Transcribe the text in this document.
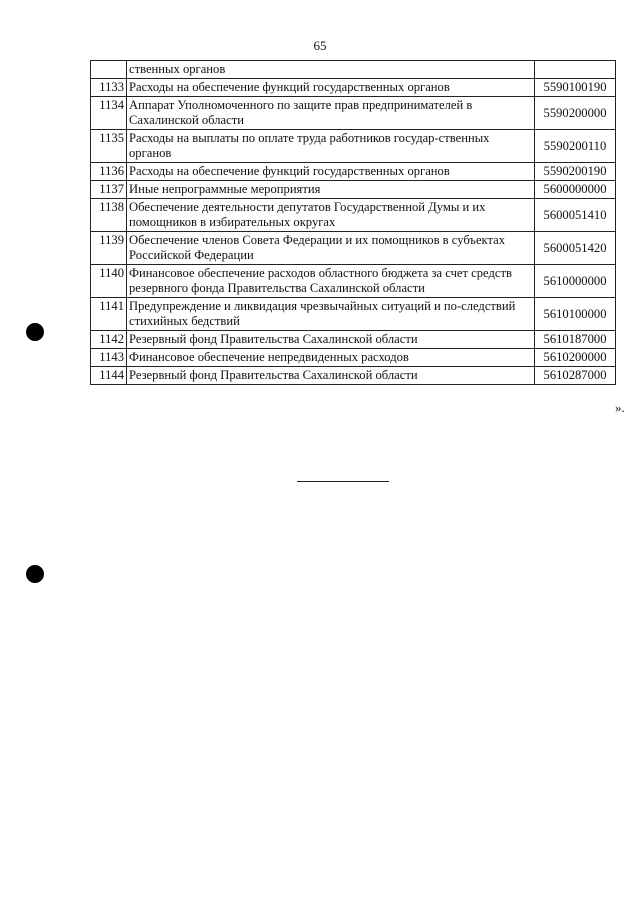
65
	ственных органов	
1133	Расходы на обеспечение функций государственных органов	5590100190
1134	Аппарат Уполномоченного по защите прав предпринимателей в Сахалинской области	5590200000
1135	Расходы на выплаты по оплате труда работников государ-ственных органов	5590200110
1136	Расходы на обеспечение функций государственных органов	5590200190
1137	Иные непрограммные мероприятия	5600000000
1138	Обеспечение деятельности депутатов Государственной Думы и их помощников в избирательных округах	5600051410
1139	Обеспечение членов Совета Федерации и их помощников в субъектах Российской Федерации	5600051420
1140	Финансовое обеспечение расходов областного бюджета за счет средств резервного фонда Правительства Сахалинской области	5610000000
1141	Предупреждение и ликвидация чрезвычайных ситуаций и по-следствий стихийных бедствий	5610100000
1142	Резервный фонд Правительства Сахалинской области	5610187000
1143	Финансовое обеспечение непредвиденных расходов	5610200000
1144	Резервный фонд Правительства Сахалинской области	5610287000
».
